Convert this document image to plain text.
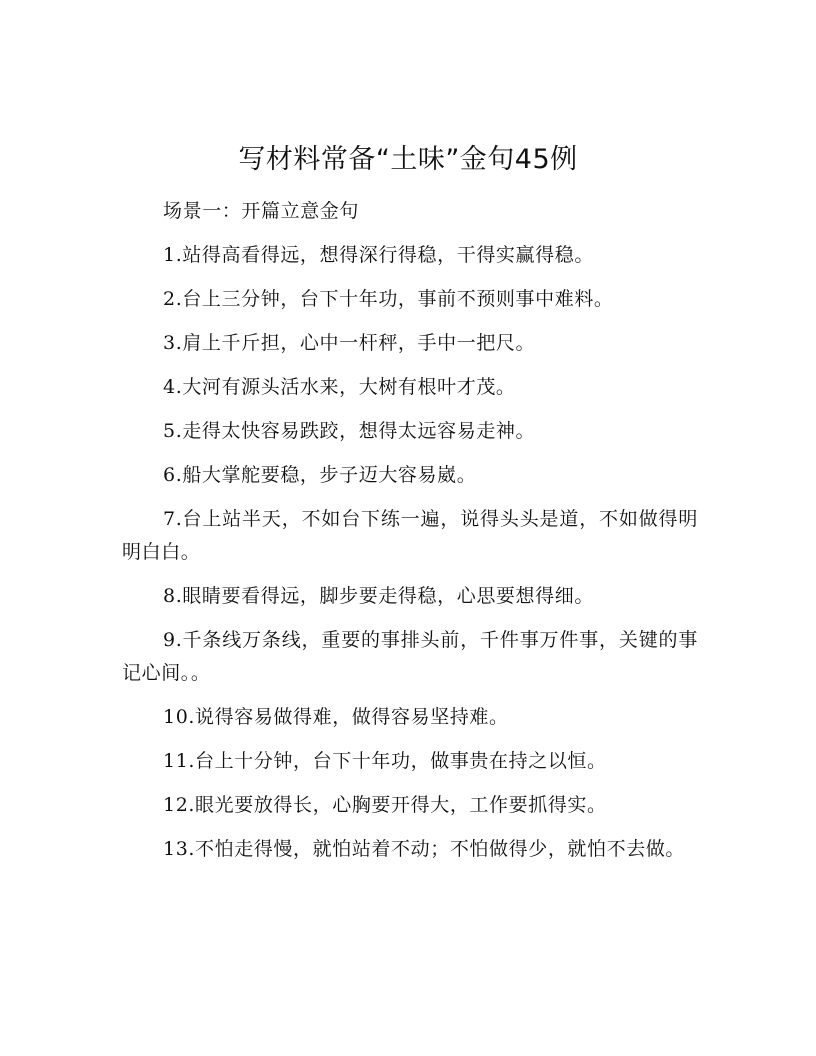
写材料常备“土味”金句45例

场景一：开篇立意金句

1.站得高看得远，想得深行得稳，干得实赢得稳。

2.台上三分钟，台下十年功，事前不预则事中难料。

3.肩上千斤担，心中一杆秤，手中一把尺。

4.大河有源头活水来，大树有根叶才茂。

5.走得太快容易跌跤，想得太远容易走神。

6.船大掌舵要稳，步子迈大容易崴。

7.台上站半天，不如台下练一遍，说得头头是道，不如做得明明白白。

8.眼睛要看得远，脚步要走得稳，心思要想得细。

9.千条线万条线，重要的事排头前，千件事万件事，关键的事记心间。。

10.说得容易做得难，做得容易坚持难。

11.台上十分钟，台下十年功，做事贵在持之以恒。

12.眼光要放得长，心胸要开得大，工作要抓得实。

13.不怕走得慢，就怕站着不动；不怕做得少，就怕不去做。
